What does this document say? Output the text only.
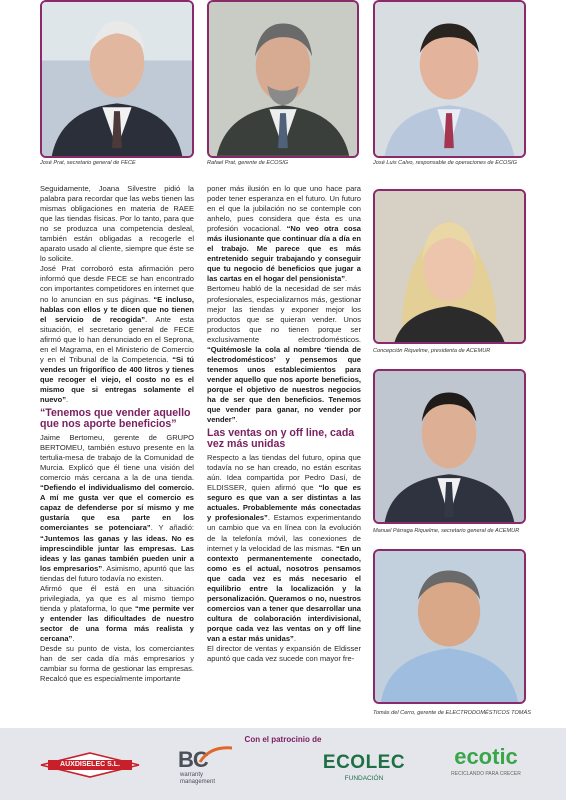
José Prat, secretario general de FECE	Rafael Prat, gerente de ECOSIG	José Luis Calvo, responsable de operaciones de ECOSIG
Concepción Riquelme, presidenta de ACEMUR
Manuel Párraga Riquelme, secretario general de ACEMUR
Tomás del Cerro, gerente de ELECTRODOMÉSTICOS TOMÁS

Seguidamente, Joana Silvestre pidió la palabra para recordar que las webs tienen las mismas obligaciones en materia de RAEE que las tiendas físicas. Por lo tanto, para que no se produzca una competencia desleal, también están obligadas a recogerle el aparato usado al cliente, siempre que éste se lo solicite.

José Prat corroboró esta afirmación pero informó que desde FECE se han encontrado con importantes competidores en internet que no lo anuncian en sus páginas. “E incluso, hablas con ellos y te dicen que no tienen el servicio de recogida”. Ante esta situación, el secretario general de FECE afirmó que lo han denunciado en el Seprona, en el Magrama, en el Ministerio de Comercio y en el Tribunal de la Competencia. “Si tú vendes un frigorífico de 400 litros y tienes que recoger el viejo, el costo no es el mismo que si entregas solamente el nuevo”.

“Tenemos que vender aquello que nos aporte beneficios”

Jaime Bertomeu, gerente de GRUPO BERTOMEU, también estuvo presente en la tertulia-mesa de trabajo de la Comunidad de Murcia. Explicó que él tiene una visión del comercio más cercana a la de una tienda. “Defiendo el individualismo del comercio. A mí me gusta ver que el comercio es capaz de defenderse por sí mismo y me gustaría que esa parte en los comerciantes se potenciara”. Y añadió: “Juntemos las ganas y las ideas. No es imprescindible juntar las empresas. Las ideas y las ganas también pueden unir a los empresarios”. Asimismo, apuntó que las tiendas del futuro todavía no existen.

Afirmó que él está en una situación privilegiada, ya que es al mismo tiempo tienda y plataforma, lo que “me permite ver y entender las dificultades de nuestro sector de una forma más realista y cercana”.

Desde su punto de vista, los comerciantes han de ser cada día más empresarios y cambiar su forma de gestionar las empresas. Recalcó que es especialmente importante

poner más ilusión en lo que uno hace para poder tener esperanza en el futuro. Un futuro en el que la jubilación no se contemple con anhelo, pues considera que ésta es una profesión vocacional. “No veo otra cosa más ilusionante que continuar día a día en el trabajo. Me parece que es más entretenido seguir trabajando y conseguir que tu negocio dé beneficios que jugar a las cartas en el hogar del pensionista”.

Bertomeu habló de la necesidad de ser más profesionales, especializarnos más, gestionar mejor las tiendas y exponer mejor los productos que se quieran vender. Unos productos que no tienen porque ser exclusivamente electrodomésticos. “Quitémosle la cola al nombre ‘tienda de electrodomésticos’ y pensemos que tenemos unos establecimientos para vender aquello que nos aporte beneficios, porque el objetivo de nuestros negocios ha de ser que den beneficios. Tenemos que vender para ganar, no vender por vender”.

Las ventas on y off line, cada vez más unidas

Respecto a las tiendas del futuro, opina que todavía no se han creado, no están escritas aún. Idea compartida por Pedro Dasí, de ELDISSER, quien afirmó que “lo que es seguro es que van a ser distintas a las actuales. Probablemente más conectadas y profesionales”. Estamos experimentando un cambio que va en línea con la evolución de la telefonía móvil, las conexiones de internet y la velocidad de las mismas. “En un contexto permanentemente conectado, como es el actual, nosotros pensamos que cada vez es más necesario el equilibrio entre la localización y la personalización. Queramos o no, nuestros comercios van a tener que desarrollar una cultura de colaboración interdivisional, porque cada vez las ventas on y off line van a estar más unidas”.

El director de ventas y expansión de Eldisser apuntó que cada vez sucede con mayor fre-

Con el patrocinio de
AUXDISELEC S.L.	BC
warranty
management
ECOLEC
FUNDACIÓN
ecotic
RECICLANDO PARA CRECER
